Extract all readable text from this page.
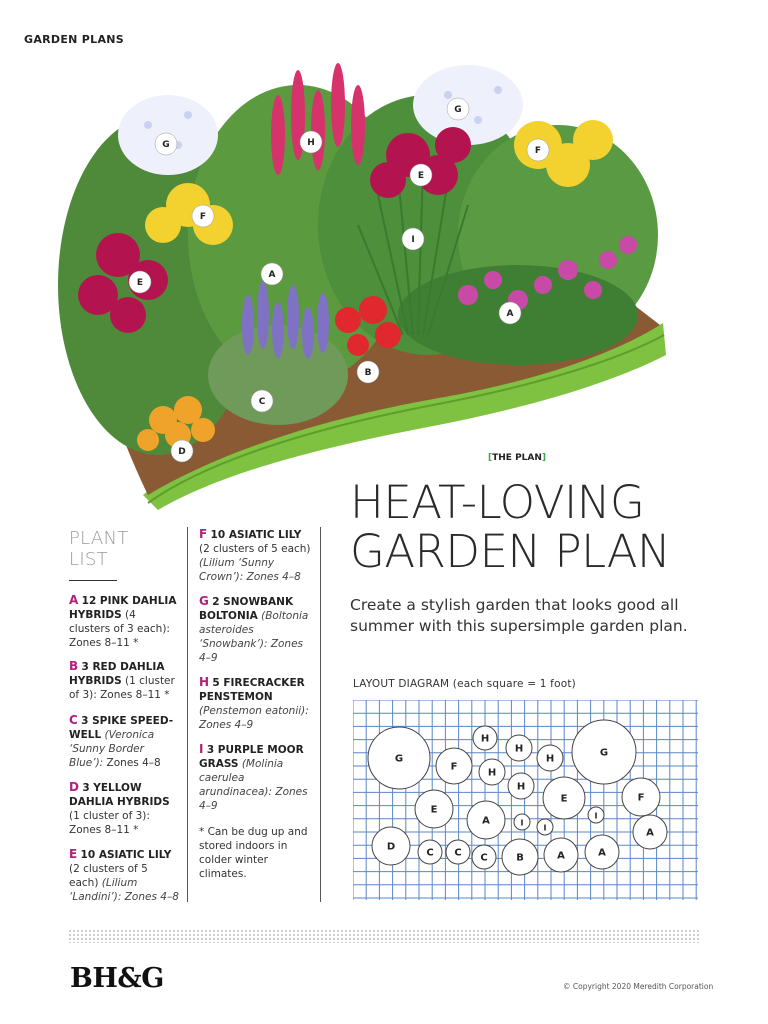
GARDEN PLANS
G	H
G
F
E
F
I
A
E
A
B
C
D
[THE PLAN]
HEAT-LOVING
GARDEN PLAN
Create a stylish garden that looks good all summer with this supersimple garden plan.
PLANT
LIST
A 12 PINK DAHLIA HYBRIDS (4 clusters of 3 each): Zones 8–11 *
B 3 RED DAHLIA HYBRIDS (1 cluster of 3): Zones 8–11 *
C 3 SPIKE SPEED-WELL (Veronica ‘Sunny Border Blue’): Zones 4–8
D 3 YELLOW DAHLIA HYBRIDS (1 cluster of 3): Zones 8–11 *
E 10 ASIATIC LILY (2 clusters of 5 each) (Lilium ‘Landini’): Zones 4–8
F 10 ASIATIC LILY (2 clusters of 5 each) (Lilium ‘Sunny Crown’): Zones 4–8
G 2 SNOWBANK BOLTONIA (Boltonia asteroides ‘Snowbank’): Zones 4–9
H 5 FIRECRACKER PENSTEMON (Penstemon eatonii): Zones 4–9
I 3 PURPLE MOOR GRASS (Molinia caerulea arundinacea): Zones 4–9
* Can be dug up and stored indoors in colder winter climates.
LAYOUT DIAGRAM (each square = 1 foot)
G
F
H
H
H
H
H
G
E
A	I
I
E
I
F
A
D
C C C	B	A	A
BH&G	© Copyright 2020 Meredith Corporation
